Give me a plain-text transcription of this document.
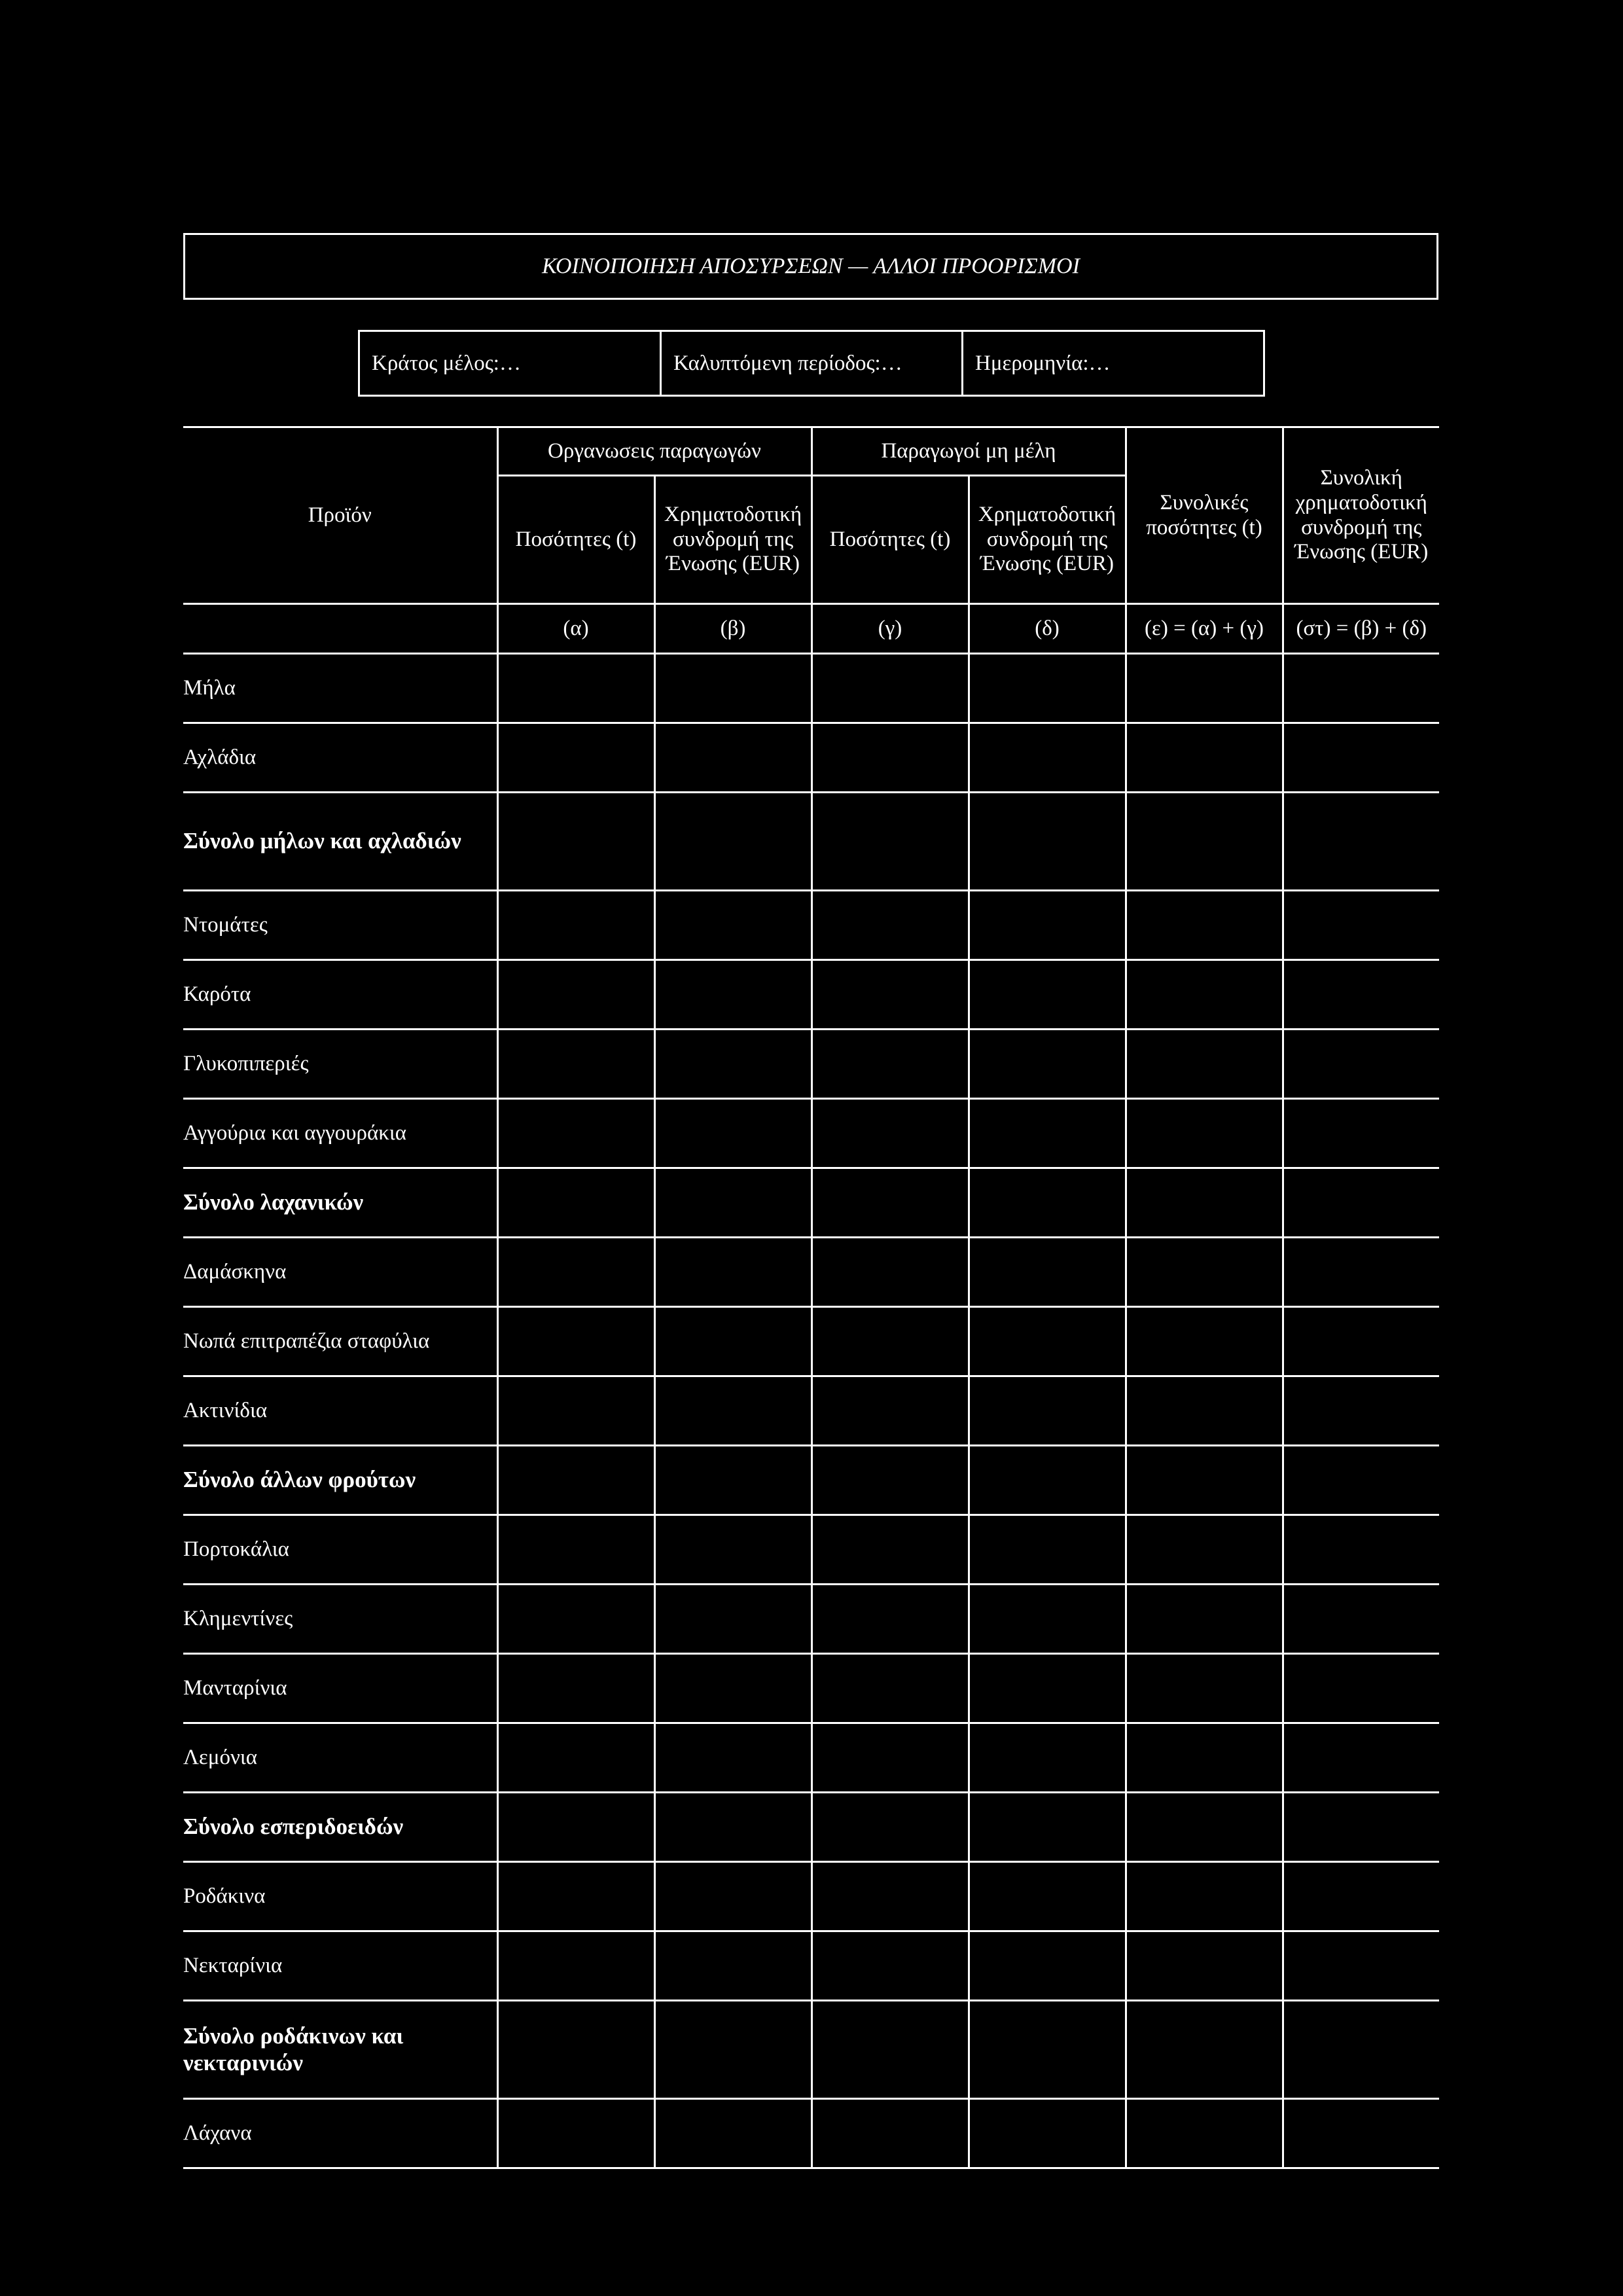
ΚΟΙΝΟΠΟΙΗΣΗ ΑΠΟΣΥΡΣΕΩΝ — ΑΛΛΟΙ ΠΡΟΟΡΙΣΜΟΙ
Κράτος μέλος:…	Καλυπτόμενη περίοδος:…	Ημερομηνία:…
Προϊόν	Οργανωσεις παραγωγών		Παραγωγοί μη μέλη		Συνολικές ποσότητες (t)	Συνολική χρηματοδοτική συνδρομή της Ένωσης (EUR)
	Ποσότητες (t)	Χρηματοδοτική συνδρομή της Ένωσης (EUR)	Ποσότητες (t)	Χρηματοδοτική συνδρομή της Ένωσης (EUR)		
	(α)	(β)	(γ)	(δ)	(ε) = (α) + (γ)	(στ) = (β) + (δ)
Μήλα						
Αχλάδια						
Σύνολο μήλων και αχλαδιών						
Ντομάτες						
Καρότα						
Γλυκοπιπεριές						
Αγγούρια και αγγουράκια						
Σύνολο λαχανικών						
Δαμάσκηνα						
Νωπά επιτραπέζια σταφύλια						
Ακτινίδια						
Σύνολο άλλων φρούτων						
Πορτοκάλια						
Κλημεντίνες						
Μανταρίνια						
Λεμόνια						
Σύνολο εσπεριδοειδών						
Ροδάκινα						
Νεκταρίνια						
Σύνολο ροδάκινων και νεκταρινιών						
Λάχανα						
